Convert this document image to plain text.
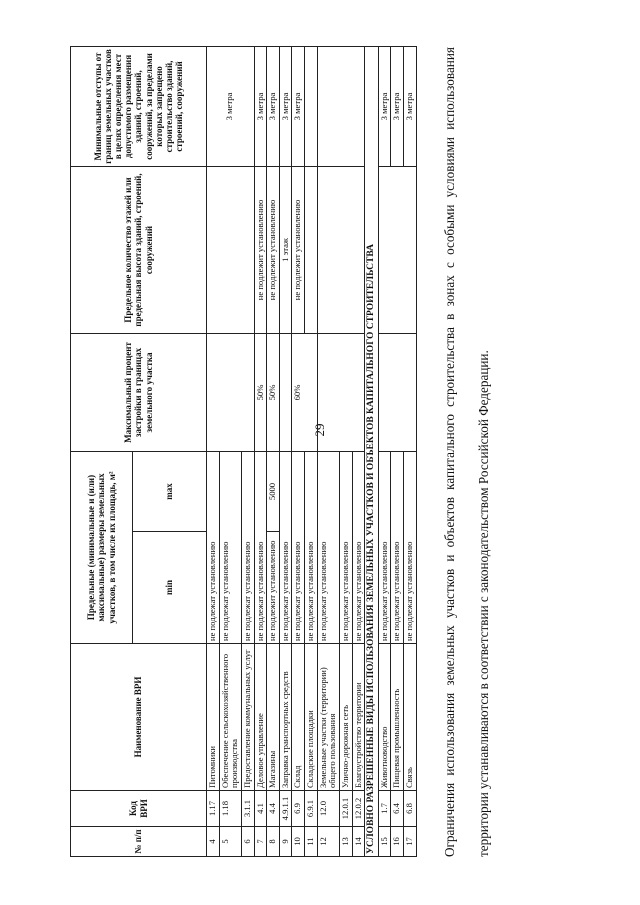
29
№ п/п	Код ВРИ	Наименование ВРИ	Предельные (минимальные и (или) максимальные) размеры земельных участков, в том числе их площадь, м²		Максимальный процент застройки в границах земельного участка	Предельное количество этажей или предельная высота зданий, строений, сооружений	Минимальные отступы от границ земельных участков в целях определения мест допустимого размещения зданий, строений, сооружений, за пределами которых запрещено строительство зданий, строений, сооружений
			min	max			
4	1.17	Питомники	не подлежат установлению				3 метра
5	1.18	Обеспечение сельскохозяйственного производства	не подлежат установлению				
6	3.1.1	Предоставление коммунальных услуг	не подлежат установлению				
7	4.1	Деловое управление	не подлежат установлению		50%	не подлежит установлению	3 метра
8	4.4	Магазины	не подлежит установлению	5000	50%	не подлежит установлению	3 метра
9	4.9.1.1	Заправка транспортных средств	не подлежат установлению			1 этаж	3 метра
10	6.9	Склад	не подлежат установлению		60%	не подлежит установлению	3 метра
11	6.9.1	Складские площадки	не подлежат установлению				
12	12.0	Земельные участки (территории) общего пользования	не подлежат установлению				
13	12.0.1	Улично-дорожная сеть	не подлежат установлению				
14	12.0.2	Благоустройство территории	не подлежат установлению				
УСЛОВНО РАЗРЕШЕННЫЕ ВИДЫ ИСПОЛЬЗОВАНИЯ ЗЕМЕЛЬНЫХ УЧАСТКОВ И ОБЪЕКТОВ КАПИТАЛЬНОГО СТРОИТЕЛЬСТВА							
15	1.7	Животноводство	не подлежат установлению				3 метра
16	6.4	Пищевая промышленность	не подлежат установлению				3 метра
17	6.8	Связь	не подлежат установлению				3 метра	Ограничения использования земельных участков и объектов капитального строительства в зонах с особыми условиями использования территории устанавливаются в соответствии с законодательством Российской Федерации.
